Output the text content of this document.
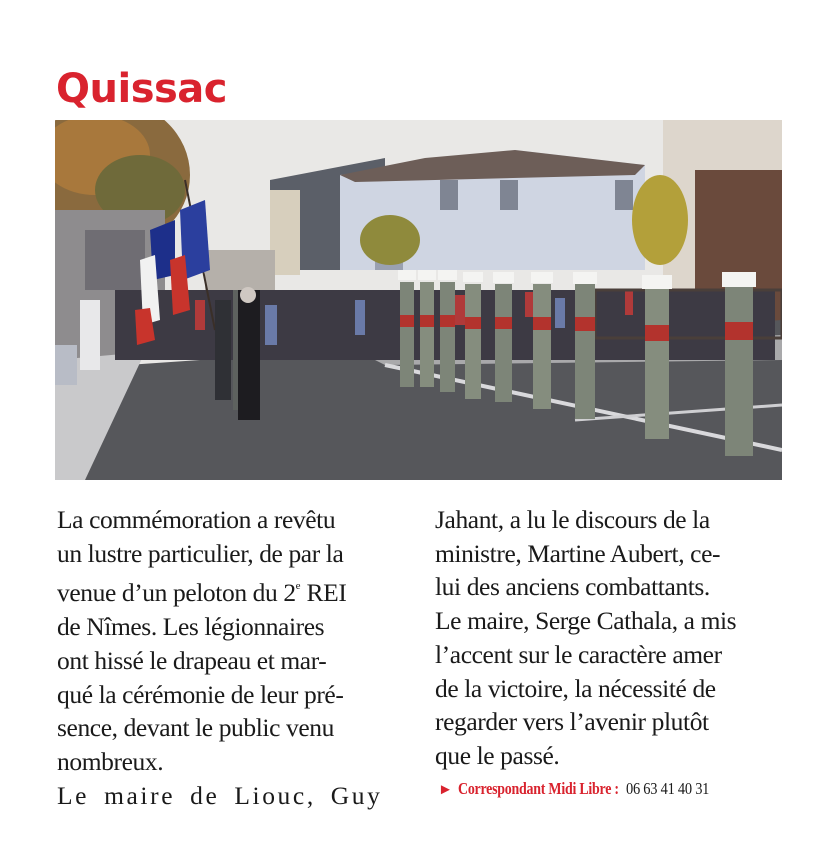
Quissac
La commémoration a revêtu
un lustre particulier, de par la
venue d’un peloton du 2e REI
de Nîmes. Les légionnaires
ont hissé le drapeau et mar-
qué la cérémonie de leur pré-
sence, devant le public venu
nombreux.
Le maire de Liouc, Guy
Jahant, a lu le discours de la
ministre, Martine Aubert, ce-
lui des anciens combattants.
Le maire, Serge Cathala, a mis
l’accent sur le caractère amer
de la victoire, la nécessité de
regarder vers l’avenir plutôt
que le passé.
► Correspondant Midi Libre : 06 63 41 40 31
